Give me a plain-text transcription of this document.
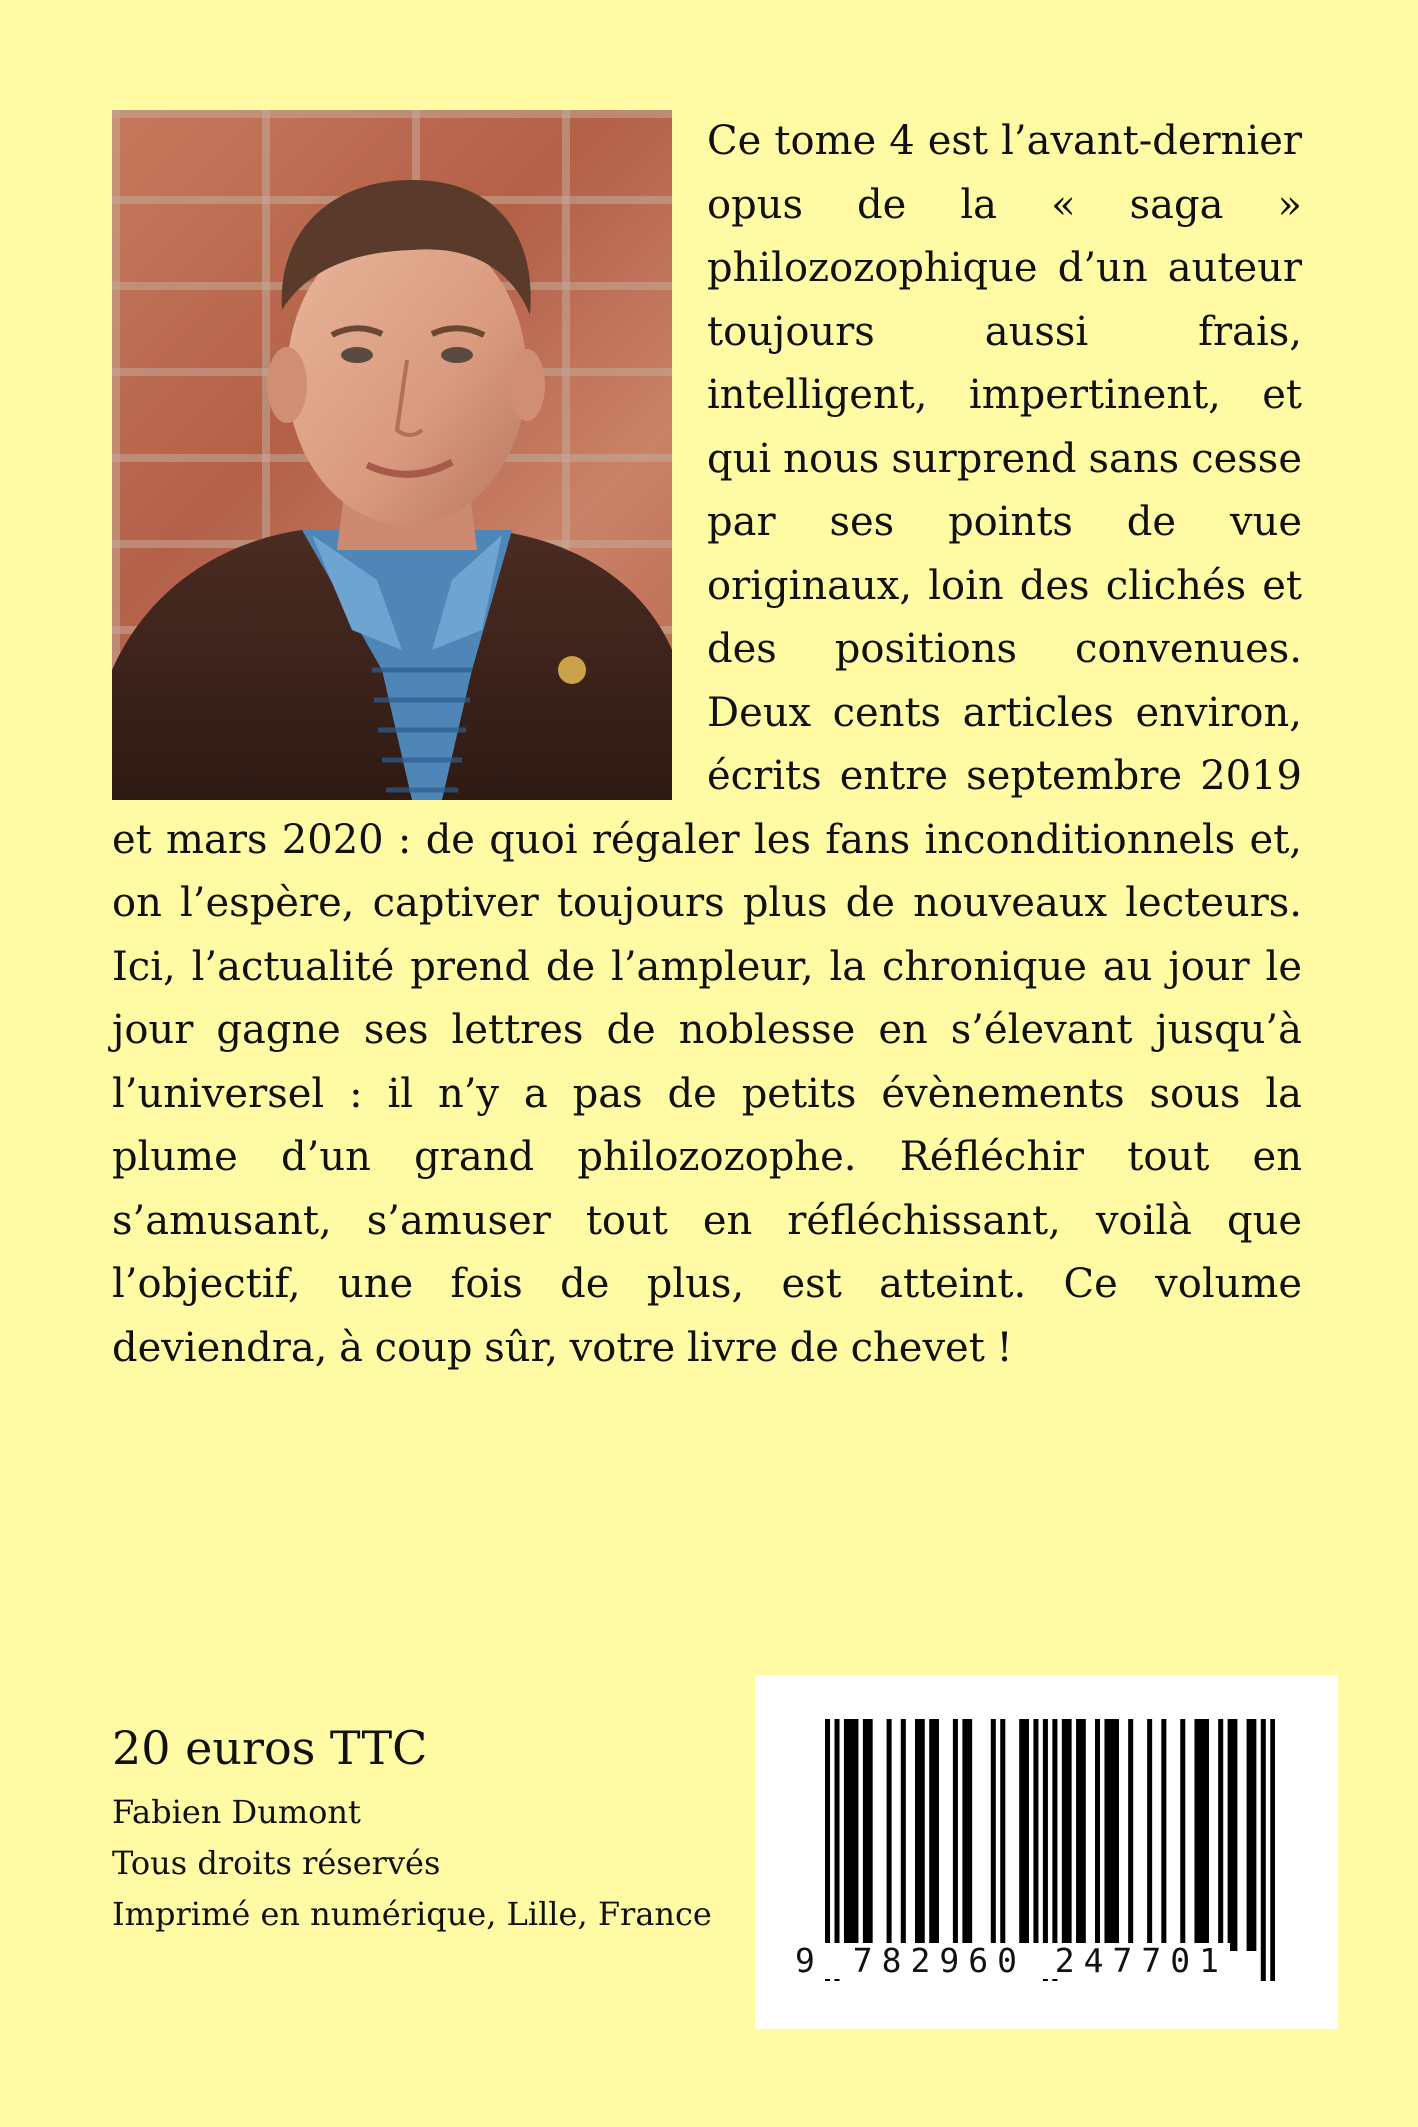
Ce tome 4 est l’avant-dernier opus de la « saga » philozozophique d’un auteur toujours aussi frais, intelligent, impertinent, et qui nous surprend sans cesse par ses points de vue originaux, loin des clichés et des positions convenues. Deux cents articles environ, écrits entre septembre 2019 et mars 2020 : de quoi régaler les fans inconditionnels et, on l’espère, captiver toujours plus de nouveaux lecteurs. Ici, l’actualité prend de l’ampleur, la chronique au jour le jour gagne ses lettres de noblesse en s’élevant jusqu’à l’universel : il n’y a pas de petits évènements sous la plume d’un grand philozozophe. Réfléchir tout en s’amusant, s’amuser tout en réfléchissant, voilà que l’objectif, une fois de plus, est atteint. Ce volume deviendra, à coup sûr, votre livre de chevet !

20 euros TTC
Fabien Dumont
Tous droits réservés
Imprimé en numérique, Lille, France
9 782960 247701
